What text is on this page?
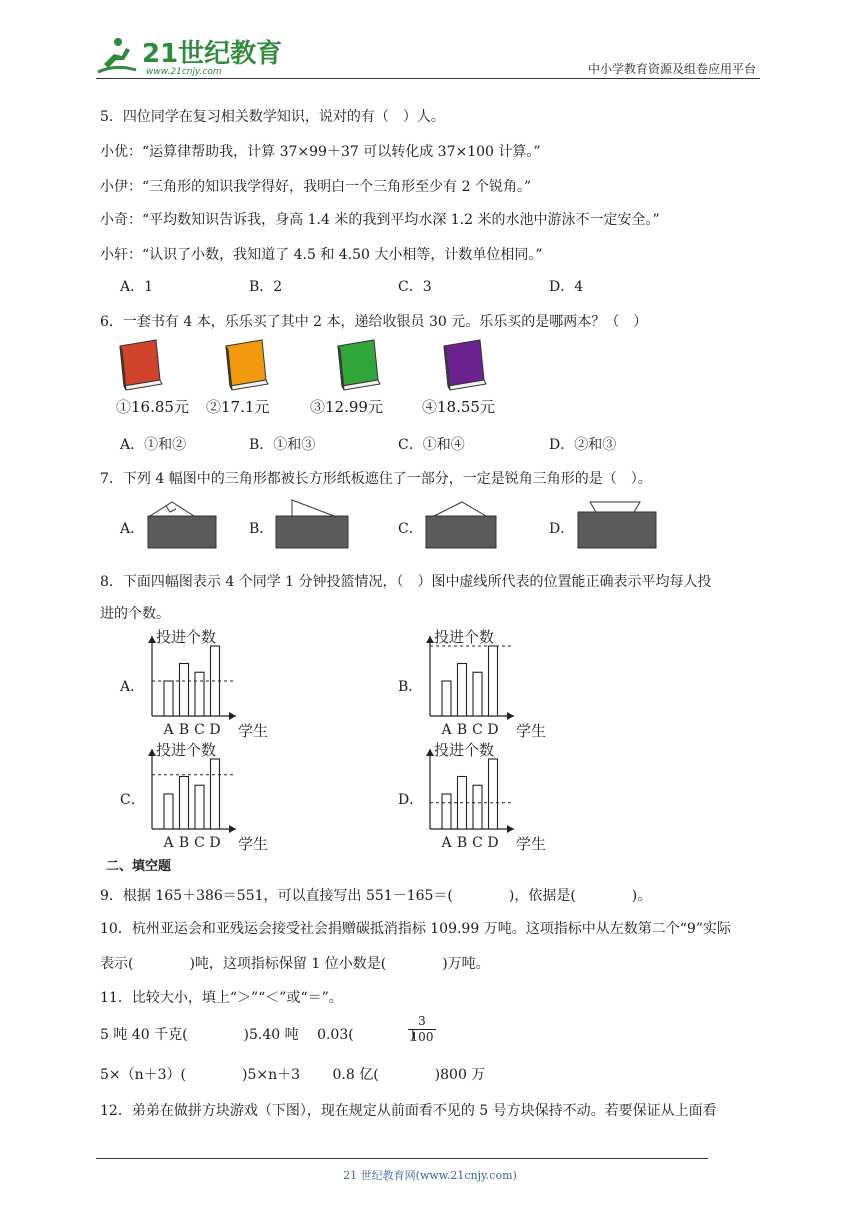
21世纪教育
www.21cnjy.com	中小学教育资源及组卷应用平台
5．四位同学在复习相关数学知识，说对的有（　）人。
小优：“运算律帮助我，计算 37×99＋37 可以转化成 37×100 计算。”
小伊：“三角形的知识我学得好，我明白一个三角形至少有 2 个锐角。”
小奇：“平均数知识告诉我，身高 1.4 米的我到平均水深 1.2 米的水池中游泳不一定安全。”
小轩：“认识了小数，我知道了 4.5 和 4.50 大小相等，计数单位相同。”
A．1	B．2	C．3	D．4
6．一套书有 4 本，乐乐买了其中 2 本，递给收银员 30 元。乐乐买的是哪两本？（　）
①16.85元 ②17.1元	③12.99元	④18.55元
A．①和②	B．①和③	C．①和④	D．②和③
7．下列 4 幅图中的三角形都被长方形纸板遮住了一部分，一定是锐角三角形的是（　）。
A．	B．	C．	D．
8．下面四幅图表示 4 个同学 1 分钟投篮情况，（　）图中虚线所代表的位置能正确表示平均每人投
进的个数。
A．	B．
C．	D．
投进个数
A B C D 学生
投进个数
A B C D 学生
投进个数
A B C D 学生
投进个数
A B C D 学生
二、填空题
9．根据 165＋386＝551，可以直接写出 551－165＝(　　　　)，依据是(　　　　)。
10．杭州亚运会和亚残运会接受社会捐赠碳抵消指标 109.99 万吨。这项指标中从左数第二个“9”实际
表示(　　　　)吨，这项指标保留 1 位小数是(　　　　)万吨。
11．比较大小，填上“＞”“＜”或“＝”。
5 吨 40 千克(　　　　)5.40 吨　 0.03(　　　　)
$\frac{3}{100}$
5×（n＋3）(　　　　)5×n＋3　　 0.8 亿(　　　　)800 万
12．弟弟在做拼方块游戏（下图），现在规定从前面看不见的 5 号方块保持不动。若要保证从上面看
21 世纪教育网(www.21cnjy.com)
